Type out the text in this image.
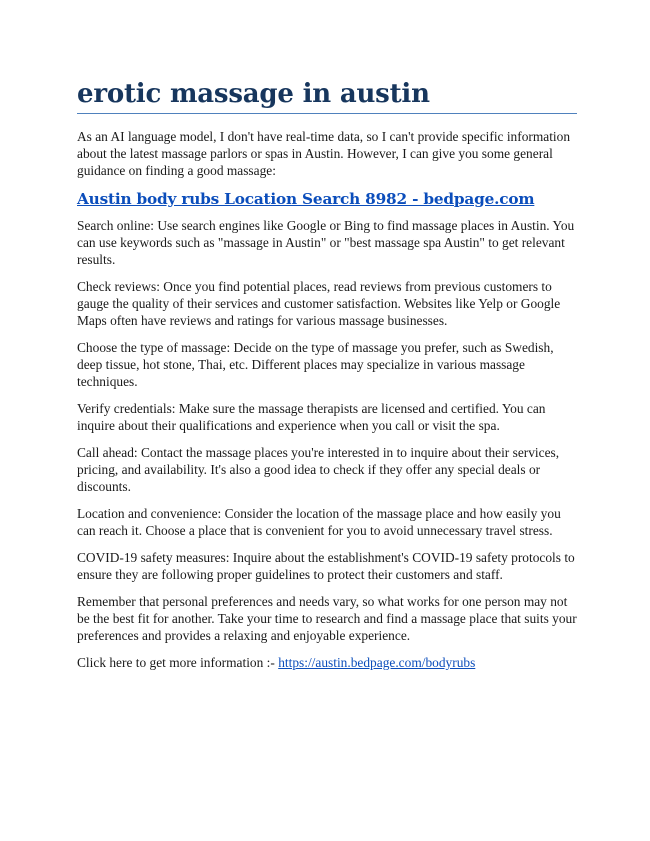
erotic massage in austin

As an AI language model, I don't have real-time data, so I can't provide specific information about the latest massage parlors or spas in Austin. However, I can give you some general guidance on finding a good massage:

Austin body rubs Location Search 8982 - bedpage.com

Search online: Use search engines like Google or Bing to find massage places in Austin. You can use keywords such as "massage in Austin" or "best massage spa Austin" to get relevant results.

Check reviews: Once you find potential places, read reviews from previous customers to gauge the quality of their services and customer satisfaction. Websites like Yelp or Google Maps often have reviews and ratings for various massage businesses.

Choose the type of massage: Decide on the type of massage you prefer, such as Swedish, deep tissue, hot stone, Thai, etc. Different places may specialize in various massage techniques.

Verify credentials: Make sure the massage therapists are licensed and certified. You can inquire about their qualifications and experience when you call or visit the spa.

Call ahead: Contact the massage places you're interested in to inquire about their services, pricing, and availability. It's also a good idea to check if they offer any special deals or discounts.

Location and convenience: Consider the location of the massage place and how easily you can reach it. Choose a place that is convenient for you to avoid unnecessary travel stress.

COVID-19 safety measures: Inquire about the establishment's COVID-19 safety protocols to ensure they are following proper guidelines to protect their customers and staff.

Remember that personal preferences and needs vary, so what works for one person may not be the best fit for another. Take your time to research and find a massage place that suits your preferences and provides a relaxing and enjoyable experience.

Click here to get more information :- https://austin.bedpage.com/bodyrubs
